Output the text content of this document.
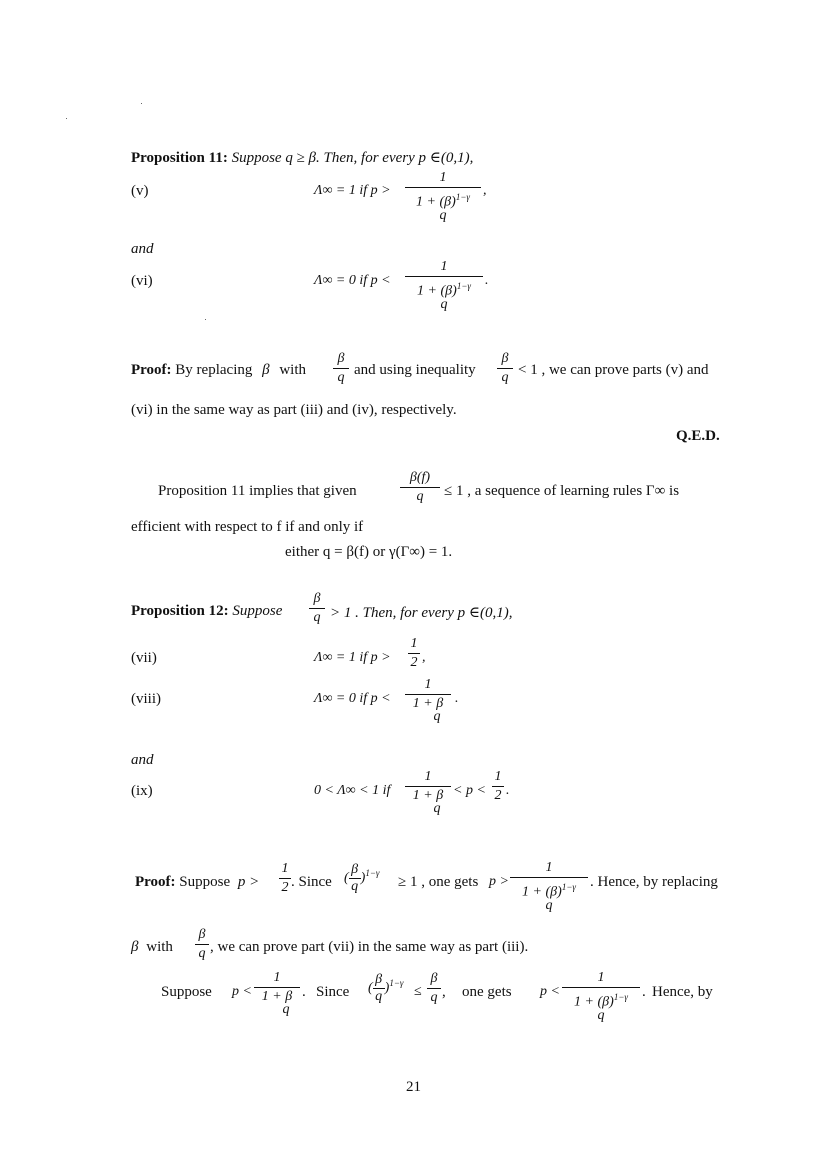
Proposition 11: Suppose q ≥ β. Then, for every p ∈(0,1),
(v)	Λ∞ = 1 if p >
1
$1 + (\beta)^{1-\gamma}$
q
,
and
(vi)	Λ∞ = 0 if p <
1
$1 + (\beta)^{1-\gamma}$
q
.
Proof: By replacing β with
β
q and using inequality
β
q < 1 , we can prove parts (v) and
(vi) in the same way as part (iii) and (iv), respectively.
Q.E.D.
Proposition 11 implies that given
β(f)
q	≤ 1 , a sequence of learning rules Γ∞ is
efficient with respect to f if and only if
either q = β(f) or γ(Γ∞) = 1.
Proposition 12: Suppose
β
q > 1 . Then, for every p ∈(0,1),
(vii)	Λ∞ = 1 if p >
1
2 ,
(viii)	Λ∞ = 0 if p <
1
1 + β
q
.
and
(ix)	0 < Λ∞ < 1 if
1
1 + β
q
< p <
1
2 .
Proof: Suppose p >
1
2 . Since ( $\frac{\beta}{q} )^{1-\gamma}$
≥ 1 , one gets p >
1
$1 + (\beta)^{1-\gamma}$
q
. Hence, by replacing
β with
β
q , we can prove part (vii) in the same way as part (iii).
Suppose p <
1
1 + β
q
. Since ( $\frac{\beta}{q} )^{1-\gamma}$
≤
β
q , one gets p <
1
$1 + (\beta)^{1-\gamma}$
q
. Hence, by
21
